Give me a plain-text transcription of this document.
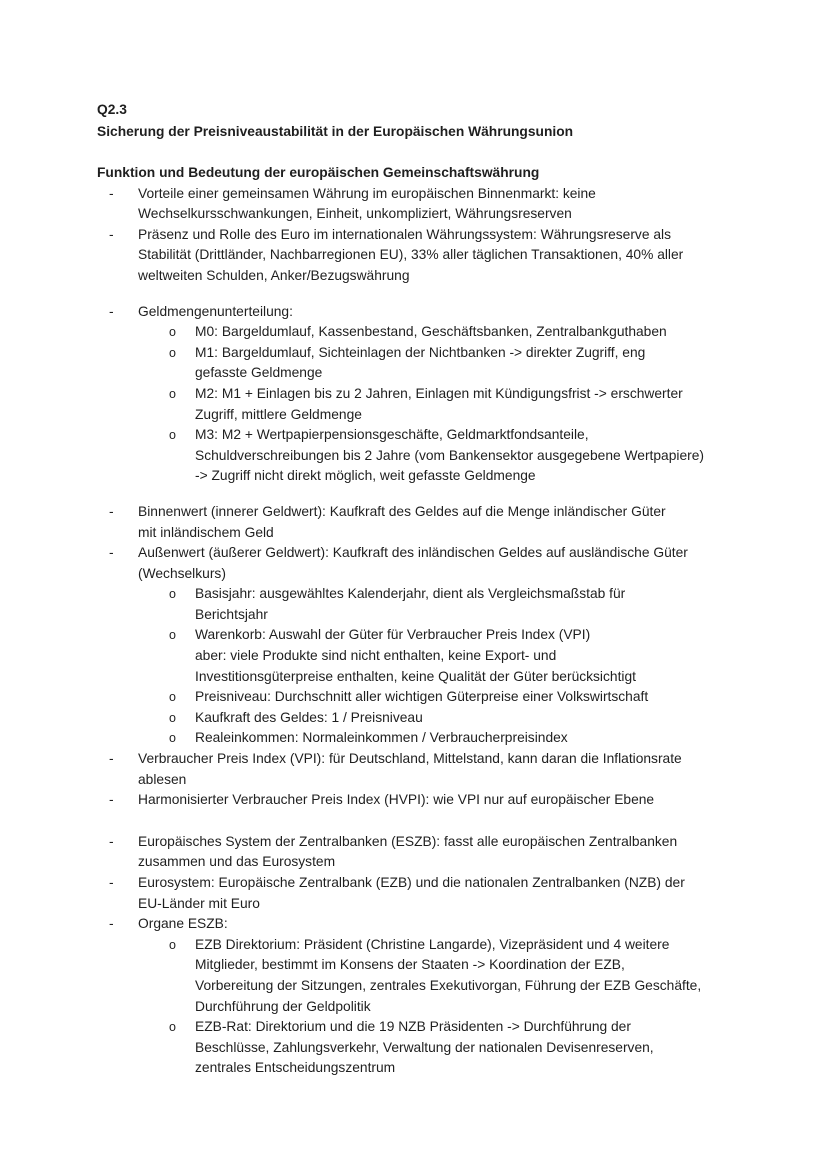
Q2.3
Sicherung der Preisniveaustabilität in der Europäischen Währungsunion
Funktion und Bedeutung der europäischen Gemeinschaftswährung
- Vorteile einer gemeinsamen Währung im europäischen Binnenmarkt: keine
Wechselkursschwankungen, Einheit, unkompliziert, Währungsreserven
- Präsenz und Rolle des Euro im internationalen Währungssystem: Währungsreserve als
Stabilität (Drittländer, Nachbarregionen EU), 33% aller täglichen Transaktionen, 40% aller
weltweiten Schulden, Anker/Bezugswährung
- Geldmengenunterteilung:
o M0: Bargeldumlauf, Kassenbestand, Geschäftsbanken, Zentralbankguthaben
o M1: Bargeldumlauf, Sichteinlagen der Nichtbanken -> direkter Zugriff, eng
gefasste Geldmenge
o M2: M1 + Einlagen bis zu 2 Jahren, Einlagen mit Kündigungsfrist -> erschwerter
Zugriff, mittlere Geldmenge
o M3: M2 + Wertpapierpensionsgeschäfte, Geldmarktfondsanteile,
Schuldverschreibungen bis 2 Jahre (vom Bankensektor ausgegebene Wertpapiere)
-> Zugriff nicht direkt möglich, weit gefasste Geldmenge
- Binnenwert (innerer Geldwert): Kaufkraft des Geldes auf die Menge inländischer Güter
mit inländischem Geld
- Außenwert (äußerer Geldwert): Kaufkraft des inländischen Geldes auf ausländische Güter
(Wechselkurs)
o Basisjahr: ausgewähltes Kalenderjahr, dient als Vergleichsmaßstab für
Berichtsjahr
o Warenkorb: Auswahl der Güter für Verbraucher Preis Index (VPI)
aber: viele Produkte sind nicht enthalten, keine Export- und
Investitionsgüterpreise enthalten, keine Qualität der Güter berücksichtigt
o Preisniveau: Durchschnitt aller wichtigen Güterpreise einer Volkswirtschaft
o Kaufkraft des Geldes: 1 / Preisniveau
o Realeinkommen: Normaleinkommen / Verbraucherpreisindex
- Verbraucher Preis Index (VPI): für Deutschland, Mittelstand, kann daran die Inflationsrate
ablesen
- Harmonisierter Verbraucher Preis Index (HVPI): wie VPI nur auf europäischer Ebene
- Europäisches System der Zentralbanken (ESZB): fasst alle europäischen Zentralbanken
zusammen und das Eurosystem
- Eurosystem: Europäische Zentralbank (EZB) und die nationalen Zentralbanken (NZB) der
EU-Länder mit Euro
- Organe ESZB:
o EZB Direktorium: Präsident (Christine Langarde), Vizepräsident und 4 weitere
Mitglieder, bestimmt im Konsens der Staaten -> Koordination der EZB,
Vorbereitung der Sitzungen, zentrales Exekutivorgan, Führung der EZB Geschäfte,
Durchführung der Geldpolitik
o EZB-Rat: Direktorium und die 19 NZB Präsidenten -> Durchführung der
Beschlüsse, Zahlungsverkehr, Verwaltung der nationalen Devisenreserven,
zentrales Entscheidungszentrum
